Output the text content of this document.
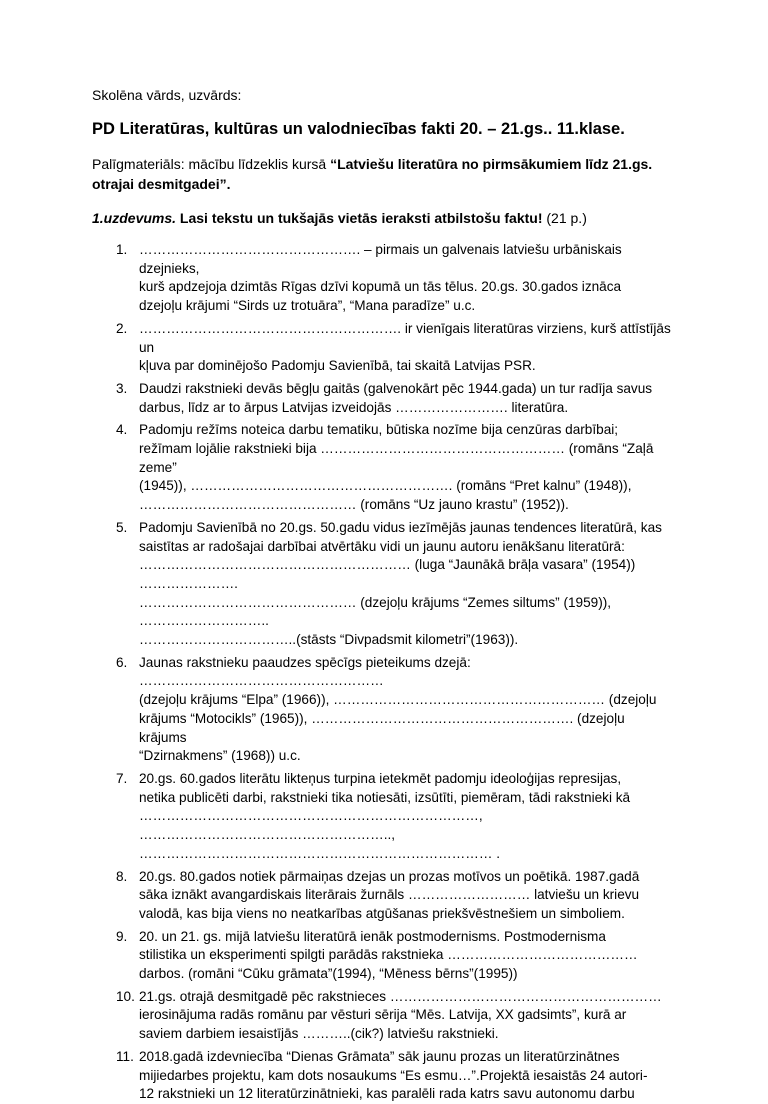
Skolēna vārds, uzvārds:

PD Literatūras, kultūras un valodniecības fakti 20. – 21.gs.. 11.klase.

Palīgmateriāls: mācību līdzeklis kursā “Latviešu literatūra no pirmsākumiem līdz 21.gs. otrajai desmitgadei”.

1.uzdevums. Lasi tekstu un tukšajās vietās ieraksti atbilstošu faktu! (21 p.)

1. …………………………………………. – pirmais un galvenais latviešu urbāniskais dzejnieks,
kurš apdzejoja dzimtās Rīgas dzīvi kopumā un tās tēlus. 20.gs. 30.gados iznāca
dzejoļu krājumi “Sirds uz trotuāra”, “Mana paradīze” u.c.
2. …………………………………………………. ir vienīgais literatūras virziens, kurš attīstījās un
kļuva par dominējošo Padomju Savienībā, tai skaitā Latvijas PSR.
3. Daudzi rakstnieki devās bēgļu gaitās (galvenokārt pēc 1944.gada) un tur radīja savus
darbus, līdz ar to ārpus Latvijas izveidojās ……………………. literatūra.
4. Padomju režīms noteica darbu tematiku, būtiska nozīme bija cenzūras darbībai;
režīmam lojālie rakstnieki bija ……………………………………………… (romāns “Zaļā zeme”
(1945)), …………………………………………………. (romāns “Pret kalnu” (1948)),
………………………………………… (romāns “Uz jauno krastu” (1952)).
5. Padomju Savienībā no 20.gs. 50.gadu vidus iezīmējās jaunas tendences literatūrā, kas
saistītas ar radošajai darbībai atvērtāku vidi un jaunu autoru ienākšanu literatūrā:
…………………………………………………… (luga “Jaunākā brāļa vasara” (1954)) ………………….
………………………………………… (dzejoļu krājums “Zemes siltums” (1959)), ………………………..
……………………………..(stāsts “Divpadsmit kilometri”(1963)).
6. Jaunas rakstnieku paaudzes spēcīgs pieteikums dzejā: ………………………………………………
(dzejoļu krājums “Elpa” (1966)), …………………………………………………… (dzejoļu
krājums “Motocikls” (1965)), …………………………………………………. (dzejoļu krājums
“Dzirnakmens” (1968)) u.c.
7. 20.gs. 60.gados literātu likteņus turpina ietekmēt padomju ideoloģijas represijas,
netika publicēti darbi, rakstnieki tika notiesāti, izsūtīti, piemēram, tādi rakstnieki kā
…………………………………………………………………, ………………………………………………..,
…………………………………………………………………… .
8. 20.gs. 80.gados notiek pārmaiņas dzejas un prozas motīvos un poētikā. 1987.gadā
sāka iznākt avangardiskais literārais žurnāls ……………………… latviešu un krievu
valodā, kas bija viens no neatkarības atgūšanas priekšvēstnešiem un simboliem.
9. 20. un 21. gs. mijā latviešu literatūrā ienāk postmodernisms. Postmodernisma
stilistika un eksperimenti spilgti parādās rakstnieka ……………………………………
darbos. (romāni “Cūku grāmata”(1994), “Mēness bērns”(1995))
10. 21.gs. otrajā desmitgadē pēc rakstnieces ……………………………………………………
ierosinājuma radās romānu par vēsturi sērija “Mēs. Latvija, XX gadsimts”, kurā ar
saviem darbiem iesaistījās ………..(cik?) latviešu rakstnieki.
11. 2018.gadā izdevniecība “Dienas Grāmata” sāk jaunu prozas un literatūrzinātnes
mijiedarbes projektu, kam dots nosaukums “Es esmu…”.Projektā iesaistās 24 autori-
12 rakstnieki un 12 literatūrzinātnieki, kas paralēli rada katrs savu autonomu darbu
